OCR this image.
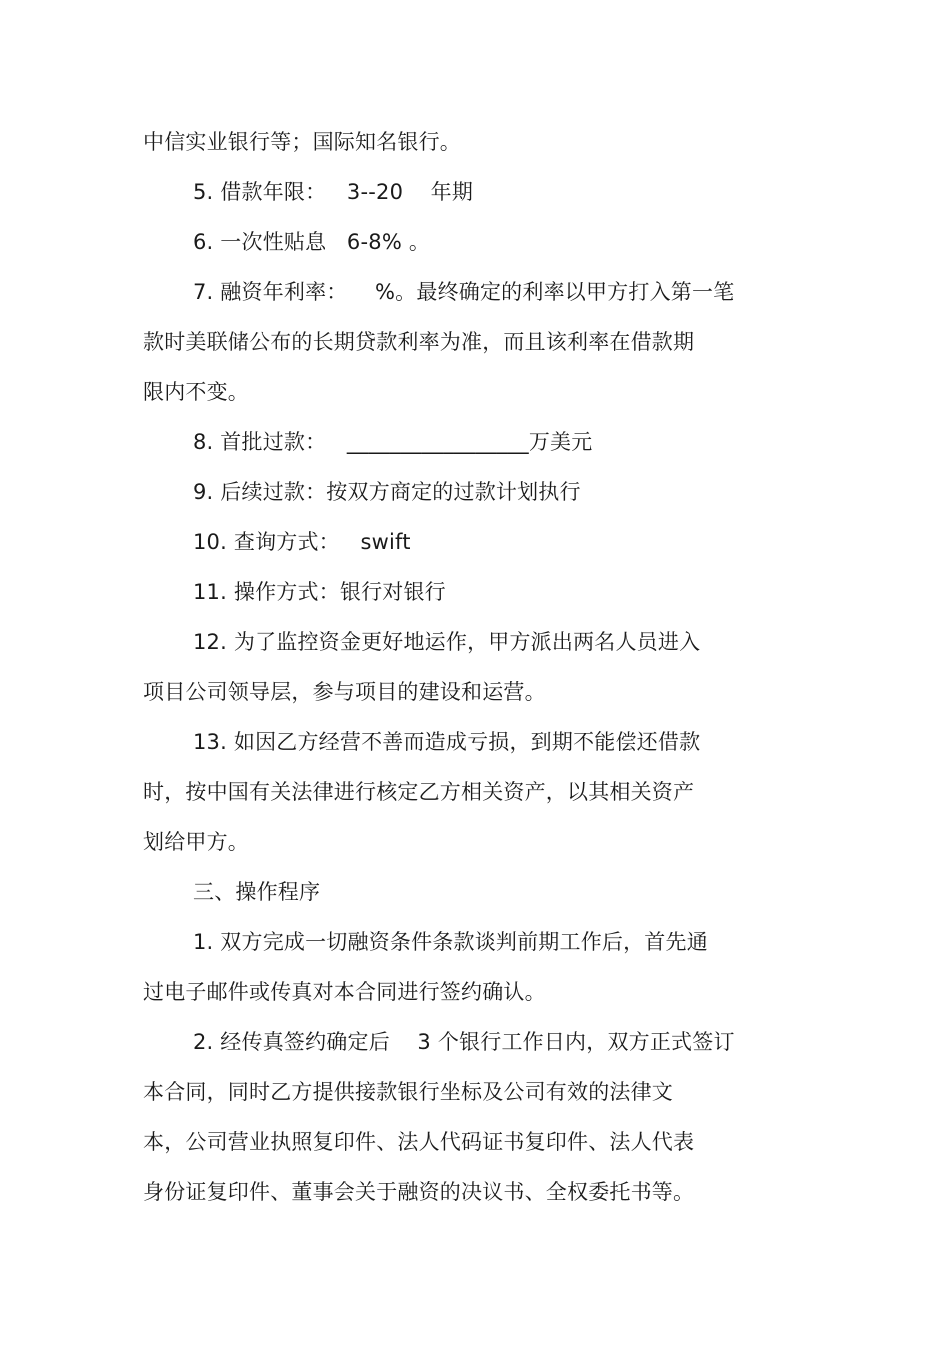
中信实业银行等；国际知名银行。
5. 借款年限：   3--20    年期
6. 一次性贴息   6-8% 。
7. 融资年利率：    %。最终确定的利率以甲方打入第一笔
款时美联储公布的长期贷款利率为准，而且该利率在借款期
限内不变。
8. 首批过款：   _________________万美元
9. 后续过款：按双方商定的过款计划执行
10. 查询方式：   swift
11. 操作方式：银行对银行
12. 为了监控资金更好地运作，甲方派出两名人员进入
项目公司领导层，参与项目的建设和运营。
13. 如因乙方经营不善而造成亏损，到期不能偿还借款
时，按中国有关法律进行核定乙方相关资产，以其相关资产
划给甲方。
三、操作程序
1. 双方完成一切融资条件条款谈判前期工作后，首先通
过电子邮件或传真对本合同进行签约确认。
2. 经传真签约确定后    3 个银行工作日内，双方正式签订
本合同，同时乙方提供接款银行坐标及公司有效的法律文
本，公司营业执照复印件、法人代码证书复印件、法人代表
身份证复印件、董事会关于融资的决议书、全权委托书等。
